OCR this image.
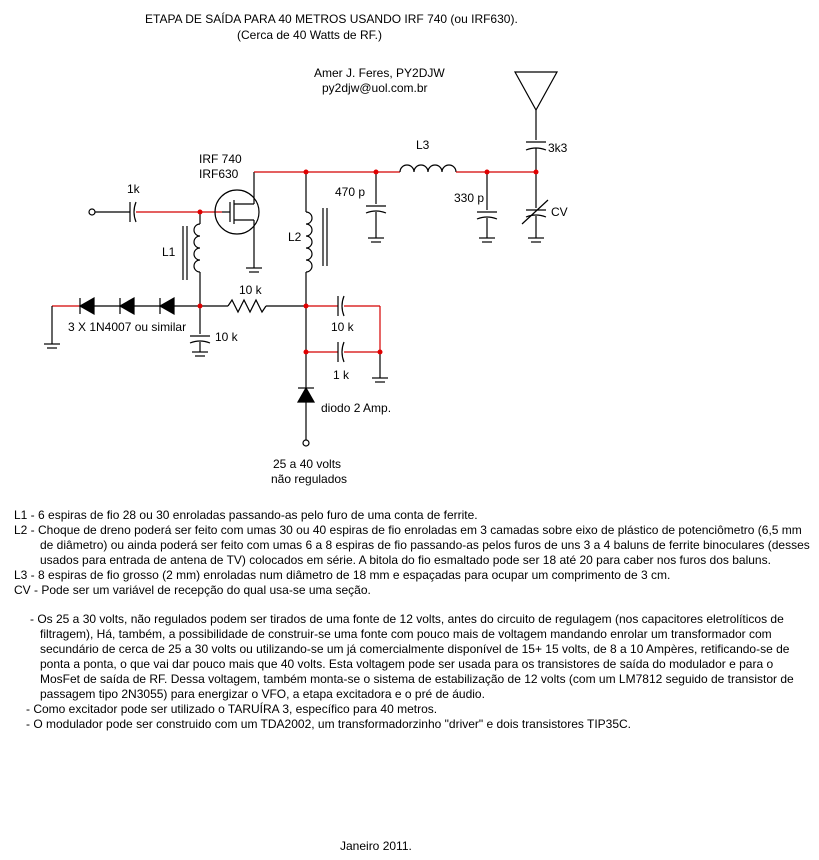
ETAPA DE SAÍDA PARA 40 METROS USANDO IRF 740 (ou IRF630).
(Cerca de 40 Watts de RF.)
Amer J. Feres, PY2DJW
py2djw@uol.com.br
IRF 740
IRF630
1k
L1
L2
L3
470 p	330 p
3k3
CV
10 k
3 X 1N4007 ou similar
10 k
10 k
1 k
diodo 2 Amp.
25 a 40 volts
não regulados

L1 - 6 espiras de fio 28 ou 30 enroladas passando-as pelo furo de uma conta de ferrite.

L2 - Choque de dreno poderá ser feito com umas 30 ou 40 espiras de fio enroladas em 3 camadas sobre eixo de plástico de potenciômetro (6,5 mm de diâmetro) ou ainda poderá ser feito com umas 6 a 8 espiras de fio passando-as pelos furos de uns 3 a 4 baluns de ferrite binoculares (desses usados para entrada de antena de TV) colocados em série. A bitola do fio esmaltado pode ser 18 até 20 para caber nos furos dos baluns.

L3 - 8 espiras de fio grosso (2 mm) enroladas num diâmetro de 18 mm e espaçadas para ocupar um comprimento de 3 cm.

CV - Pode ser um variável de recepção do qual usa-se uma seção.

- Os 25 a 30 volts, não regulados podem ser tirados de uma fonte de 12 volts, antes do circuito de regulagem (nos capacitores eletrolíticos de filtragem), Há, também, a possibilidade de construir-se uma fonte com pouco mais de voltagem mandando enrolar um transformador com secundário de cerca de 25 a 30 volts ou utilizando-se um já comercialmente disponível de 15+ 15 volts, de 8 a 10 Ampères, retificando-se de ponta a ponta, o que vai dar pouco mais que 40 volts. Esta voltagem pode ser usada para os transistores de saída do modulador e para o MosFet de saída de RF. Dessa voltagem, também monta-se o sistema de estabilização de 12 volts (com um LM7812 seguido de transistor de passagem tipo 2N3055) para energizar o VFO, a etapa excitadora e o pré de áudio.

- Como excitador pode ser utilizado o TARUÍRA 3, específico para 40 metros.

- O modulador pode ser construido com um TDA2002, um transformadorzinho "driver" e dois transistores TIP35C.

Janeiro 2011.
